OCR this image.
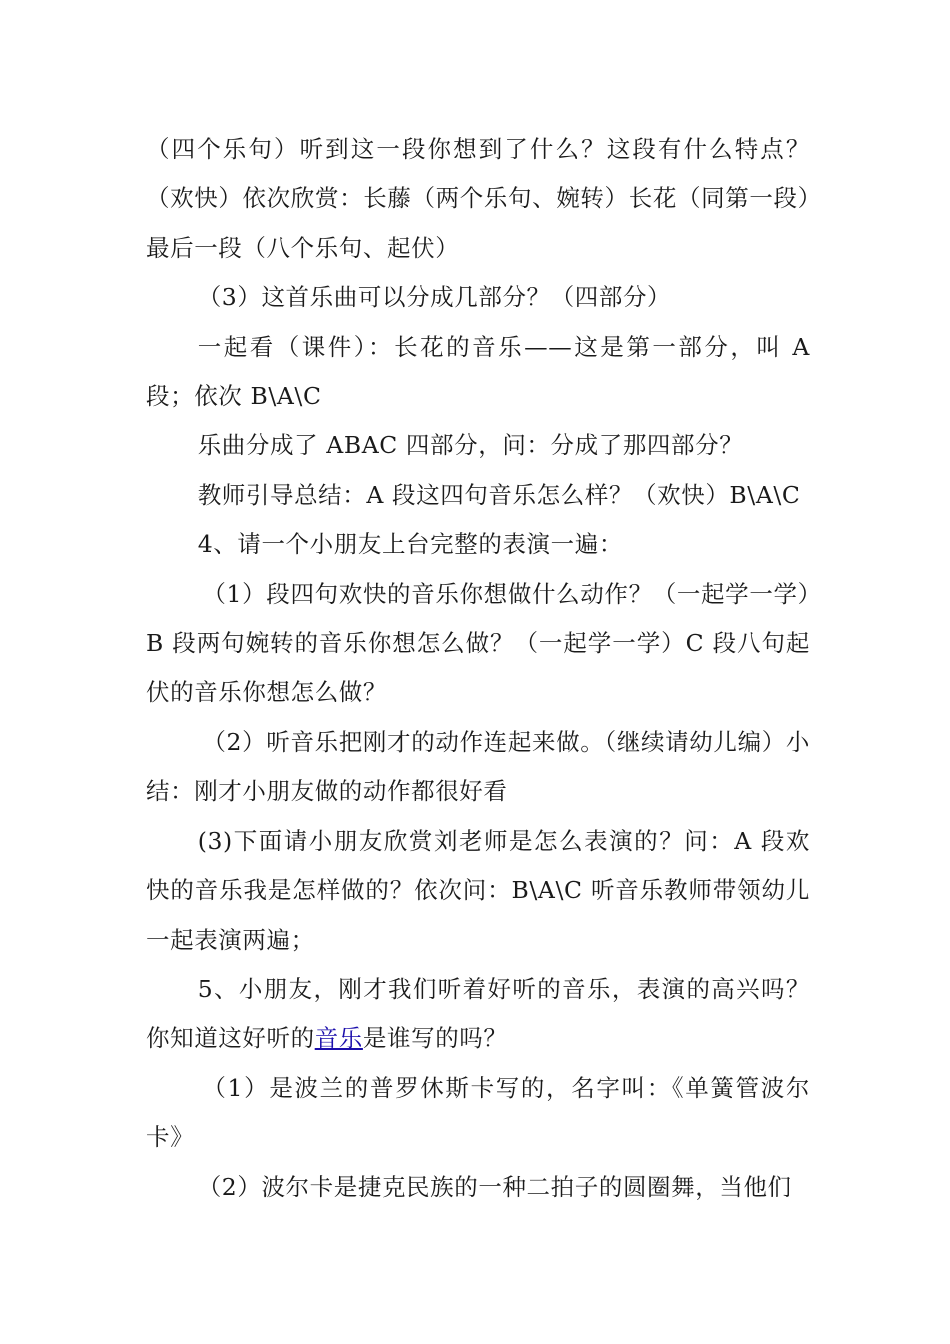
（四个乐句）听到这一段你想到了什么？这段有什么特点？（欢快）依次欣赏：长藤（两个乐句、婉转）长花（同第一段）最后一段（八个乐句、起伏）

（3）这首乐曲可以分成几部分？（四部分）

一起看（课件）：长花的音乐——这是第一部分，叫 A 段；依次 B\A\C

乐曲分成了 ABAC 四部分，问：分成了那四部分？

教师引导总结：A 段这四句音乐怎么样？（欢快）B\A\C

4、请一个小朋友上台完整的表演一遍：

（1）段四句欢快的音乐你想做什么动作？（一起学一学）B 段两句婉转的音乐你想怎么做？（一起学一学）C 段八句起伏的音乐你想怎么做？

（2）听音乐把刚才的动作连起来做。（继续请幼儿编）小结：刚才小朋友做的动作都很好看

(3)下面请小朋友欣赏刘老师是怎么表演的？问：A 段欢快的音乐我是怎样做的？依次问：B\A\C 听音乐教师带领幼儿一起表演两遍；

5、小朋友，刚才我们听着好听的音乐，表演的高兴吗？你知道这好听的音乐是谁写的吗？

（1）是波兰的普罗休斯卡写的，名字叫：《单簧管波尔卡》

（2）波尔卡是捷克民族的一种二拍子的圆圈舞，当他们
